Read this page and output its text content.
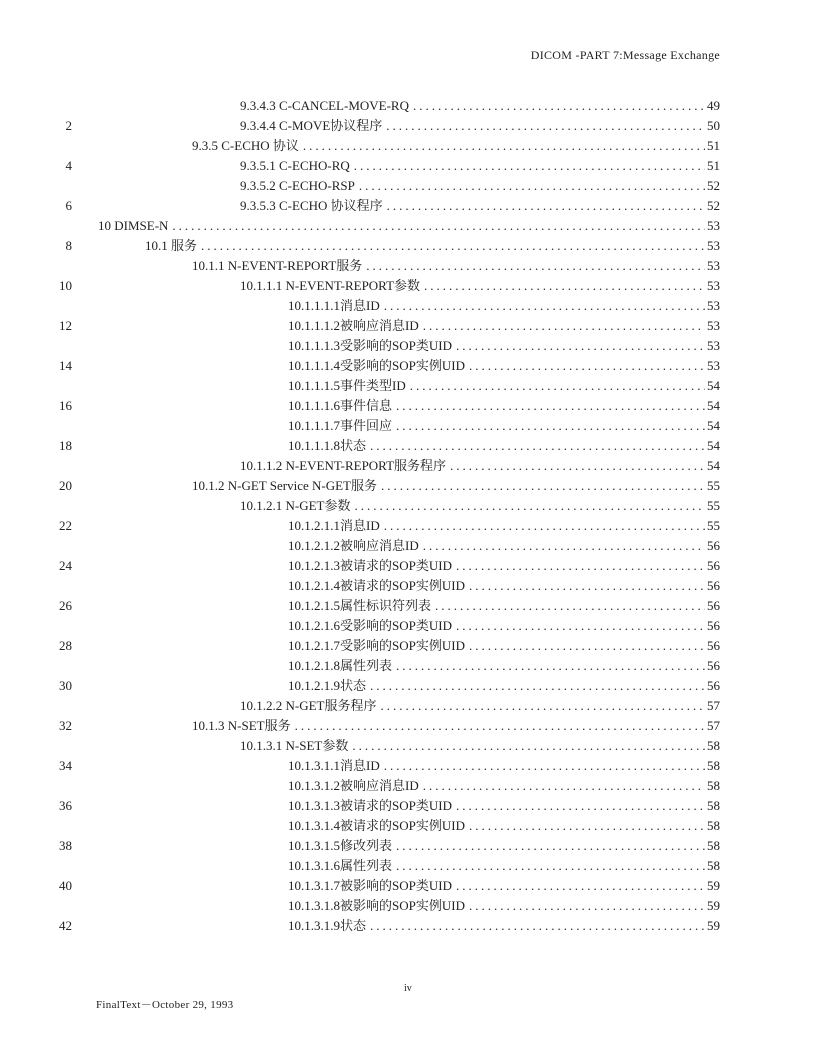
DICOM -PART 7:Message Exchange
9.3.4.3 C-CANCEL-MOVE-RQ .....	49
2	9.3.4.4 C-MOVE协议程序 .....	50
9.3.5 C-ECHO 协议 .....	51
4	9.3.5.1 C-ECHO-RQ .....	51
9.3.5.2 C-ECHO-RSP .....	52
6	9.3.5.3 C-ECHO 协议程序 .....	52
10 DIMSE-N .....	53
8	10.1 服务 .....	53
10.1.1 N-EVENT-REPORT服务 .....	53
10	10.1.1.1 N-EVENT-REPORT参数 .....	53
10.1.1.1.1消息ID .....	53
12	10.1.1.1.2被响应消息ID .....	53
10.1.1.1.3受影响的SOP类UID .....	53
14	10.1.1.1.4受影响的SOP实例UID .....	53
10.1.1.1.5事件类型ID .....	54
16	10.1.1.1.6事件信息 .....	54
10.1.1.1.7事件回应 .....	54
18	10.1.1.1.8状态 .....	54
10.1.1.2 N-EVENT-REPORT服务程序 .....	54
20	10.1.2 N-GET Service N-GET服务 .....	55
10.1.2.1 N-GET参数 .....	55
22	10.1.2.1.1消息ID .....	55
10.1.2.1.2被响应消息ID .....	56
24	10.1.2.1.3被请求的SOP类UID .....	56
10.1.2.1.4被请求的SOP实例UID .....	56
26	10.1.2.1.5属性标识符列表 .....	56
10.1.2.1.6受影响的SOP类UID .....	56
28	10.1.2.1.7受影响的SOP实例UID .....	56
10.1.2.1.8属性列表 .....	56
30	10.1.2.1.9状态 .....	56
10.1.2.2 N-GET服务程序 .....	57
32	10.1.3 N-SET服务 .....	57
10.1.3.1 N-SET参数 .....	58
34	10.1.3.1.1消息ID .....	58
10.1.3.1.2被响应消息ID .....	58
36	10.1.3.1.3被请求的SOP类UID .....	58
10.1.3.1.4被请求的SOP实例UID .....	58
38	10.1.3.1.5修改列表 .....	58
10.1.3.1.6属性列表 .....	58
40	10.1.3.1.7被影响的SOP类UID .....	59
10.1.3.1.8被影响的SOP实例UID .....	59
42	10.1.3.1.9状态 .....	59
iv
FinalText－October 29, 1993
